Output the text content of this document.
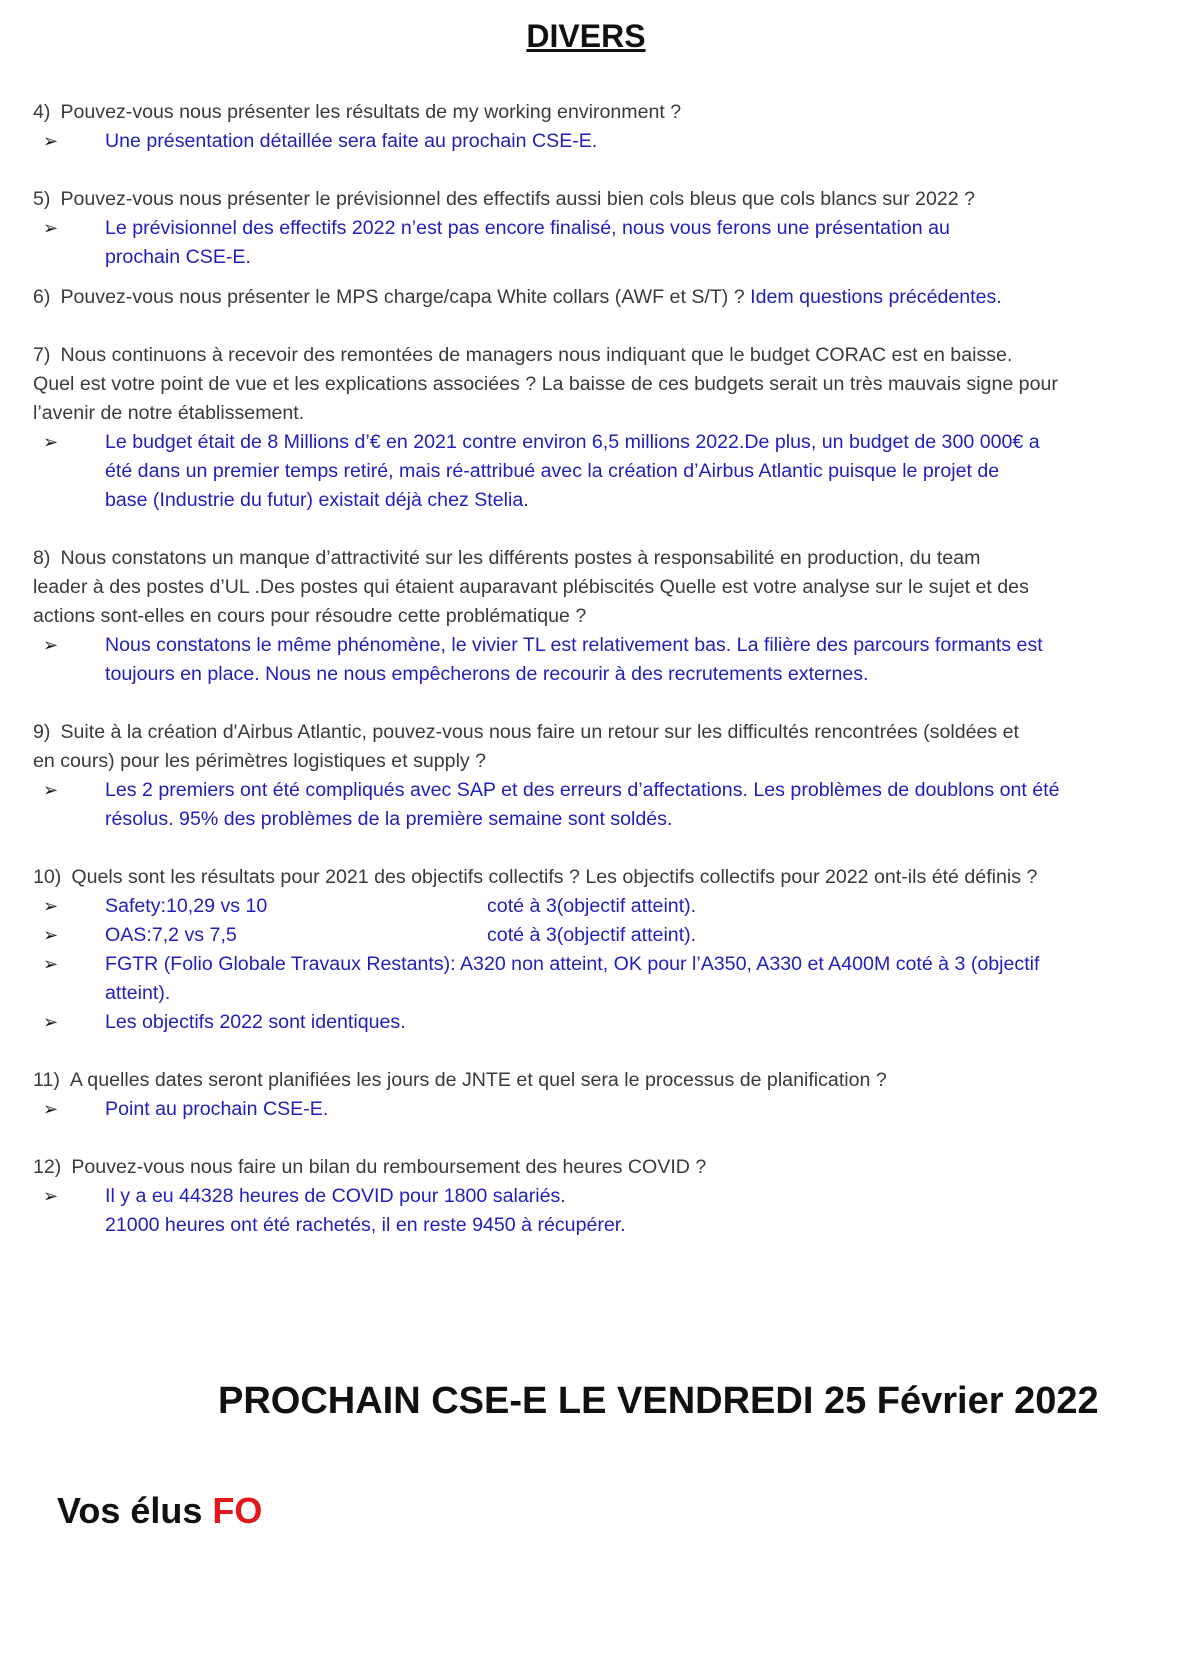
DIVERS

4) Pouvez-vous nous présenter les résultats de my working environment ?

➢ Une présentation détaillée sera faite au prochain CSE-E.

5) Pouvez-vous nous présenter le prévisionnel des effectifs aussi bien cols bleus que cols blancs sur 2022 ?

➢ Le prévisionnel des effectifs 2022 n’est pas encore finalisé, nous vous ferons une présentation au
prochain CSE-E.

6) Pouvez-vous nous présenter le MPS charge/capa White collars (AWF et S/T) ? Idem questions précédentes.

7) Nous continuons à recevoir des remontées de managers nous indiquant que le budget CORAC est en baisse.

Quel est votre point de vue et les explications associées ? La baisse de ces budgets serait un très mauvais signe pour

l’avenir de notre établissement.

➢ Le budget était de 8 Millions d’€ en 2021 contre environ 6,5 millions 2022.De plus, un budget de 300 000€ a
été dans un premier temps retiré, mais ré-attribué avec la création d’Airbus Atlantic puisque le projet de
base (Industrie du futur) existait déjà chez Stelia.

8) Nous constatons un manque d’attractivité sur les différents postes à responsabilité en production, du team

leader à des postes d’UL .Des postes qui étaient auparavant plébiscités Quelle est votre analyse sur le sujet et des

actions sont-elles en cours pour résoudre cette problématique ?

➢ Nous constatons le même phénomène, le vivier TL est relativement bas. La filière des parcours formants est
toujours en place. Nous ne nous empêcherons de recourir à des recrutements externes.

9) Suite à la création d'Airbus Atlantic, pouvez-vous nous faire un retour sur les difficultés rencontrées (soldées et

en cours) pour les périmètres logistiques et supply ?

➢ Les 2 premiers ont été compliqués avec SAP et des erreurs d’affectations. Les problèmes de doublons ont été
résolus. 95% des problèmes de la première semaine sont soldés.

10) Quels sont les résultats pour 2021 des objectifs collectifs ? Les objectifs collectifs pour 2022 ont-ils été définis ?

➢ Safety:10,29 vs 10	coté à 3(objectif atteint).
➢ OAS:7,2 vs 7,5	coté à 3(objectif atteint).
➢ FGTR (Folio Globale Travaux Restants): A320 non atteint, OK pour l’A350, A330 et A400M coté à 3 (objectif
atteint).
➢ Les objectifs 2022 sont identiques.

11) A quelles dates seront planifiées les jours de JNTE et quel sera le processus de planification ?

➢ Point au prochain CSE-E.

12) Pouvez-vous nous faire un bilan du remboursement des heures COVID ?

➢ Il y a eu 44328 heures de COVID pour 1800 salariés.
21000 heures ont été rachetés, il en reste 9450 à récupérer.
PROCHAIN CSE-E LE VENDREDI 25 Février 2022
Vos élus FO
